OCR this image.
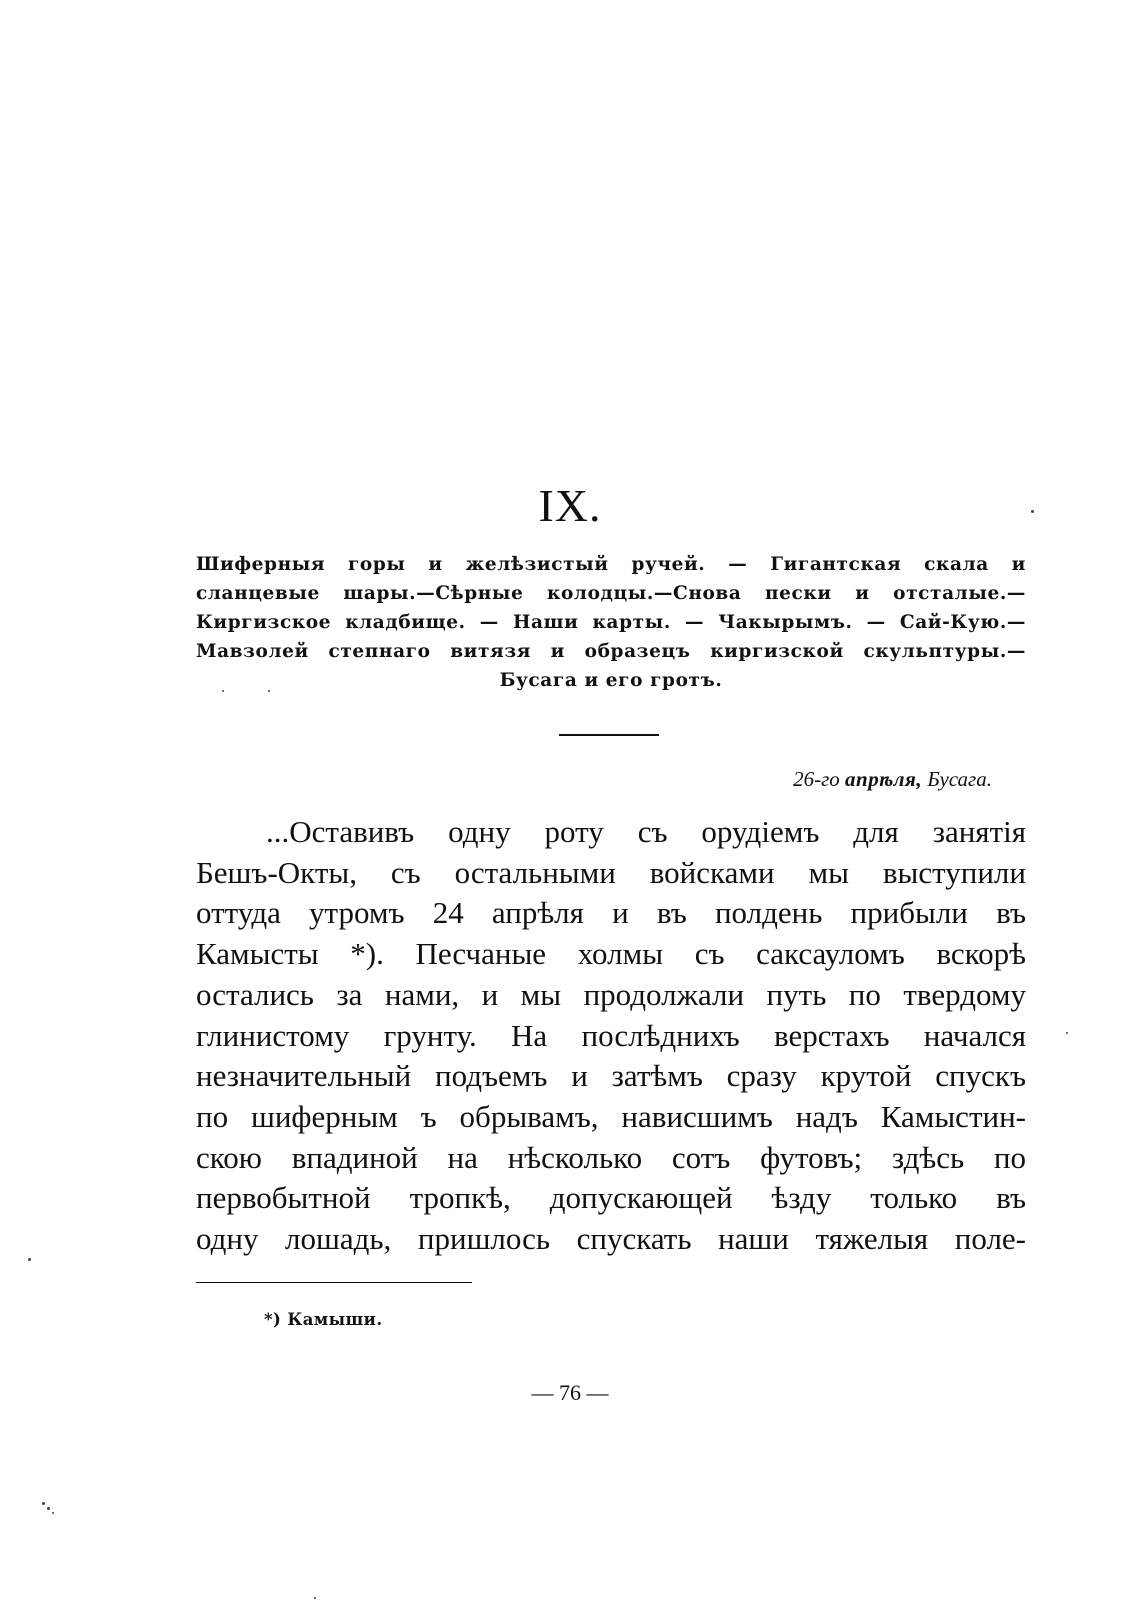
IX.
Шиферныя горы и желѣзистый ручей. — Гигантская скала и
сланцевые шары.—Сѣрные колодцы.—Снова пески и отсталые.—
Киргизское кладбище. — Наши карты. — Чакырымъ. — Сай-Кую.—
Мавзолей степнаго витязя и образецъ киргизской скульптуры.—
Бусага и его гротъ.
26-го апрѣля, Бусага.
...Оставивъ одну роту съ орудіемъ для занятія
Бешъ-Окты, съ остальными войсками мы выступили
оттуда утромъ 24 апрѣля и въ полдень прибыли въ
Камысты *). Песчаные холмы съ саксауломъ вскорѣ
остались за нами, и мы продолжали путь по твердому
глинистому грунту. На послѣднихъ верстахъ начался
незначительный подъемъ и затѣмъ сразу крутой спускъ
по шиферным ъ обрывамъ, нависшимъ надъ Камыстин-
скою впадиной на нѣсколько сотъ футовъ; здѣсь по
первобытной тропкѣ, допускающей ѣзду только въ
одну лошадь, пришлось спускать наши тяжелыя поле-
*) Камыши.
— 76 —
